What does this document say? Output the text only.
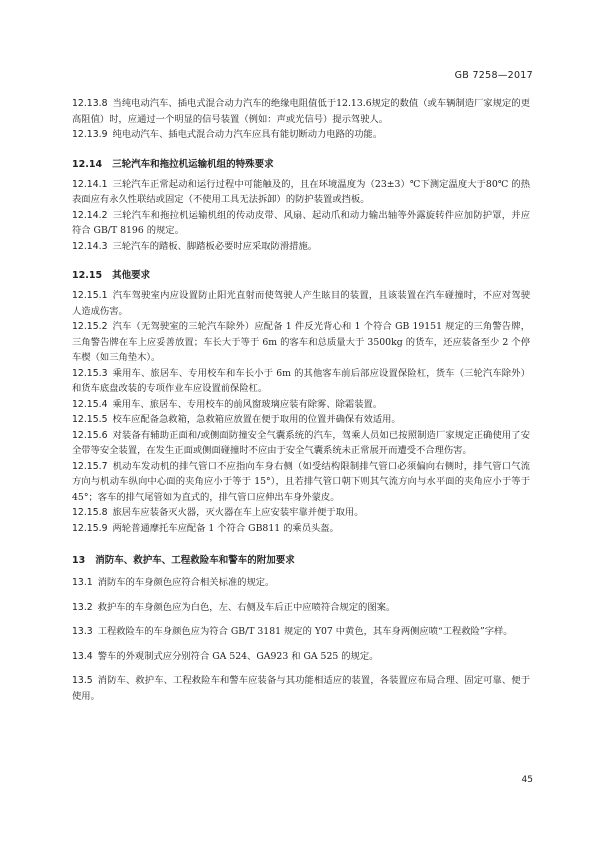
GB 7258—2017

12.13.8 当纯电动汽车、插电式混合动力汽车的绝缘电阻值低于12.13.6规定的数值（或车辆制造厂家规定的更高阻值）时，应通过一个明显的信号装置（例如：声或光信号）提示驾驶人。

12.13.9 纯电动汽车、插电式混合动力汽车应具有能切断动力电路的功能。

12.14 三轮汽车和拖拉机运输机组的特殊要求

12.14.1 三轮汽车正常起动和运行过程中可能触及的，且在环境温度为（23±3）℃下测定温度大于80℃ 的热表面应有永久性联结或固定（不使用工具无法拆卸）的防护装置或挡板。

12.14.2 三轮汽车和拖拉机运输机组的传动皮带、风扇、起动爪和动力输出轴等外露旋转件应加防护罩，并应符合 GB/T 8196 的规定。

12.14.3 三轮汽车的踏板、脚踏板必要时应采取防滑措施。

12.15 其他要求

12.15.1 汽车驾驶室内应设置防止阳光直射而使驾驶人产生眩目的装置，且该装置在汽车碰撞时，不应对驾驶人造成伤害。

12.15.2 汽车（无驾驶室的三轮汽车除外）应配备 1 件反光背心和 1 个符合 GB 19151 规定的三角警告牌，三角警告牌在车上应妥善放置；车长大于等于 6m 的客车和总质量大于 3500kg 的货车，还应装备至少 2 个停车楔（如三角垫木）。

12.15.3 乘用车、旅居车、专用校车和车长小于 6m 的其他客车前后部应设置保险杠，货车（三轮汽车除外）和货车底盘改装的专项作业车应设置前保险杠。

12.15.4 乘用车、旅居车、专用校车的前风窗玻璃应装有除雾、除霜装置。

12.15.5 校车应配备急救箱，急救箱应放置在便于取用的位置并确保有效适用。

12.15.6 对装备有辅助正面和/或侧面防撞安全气囊系统的汽车，驾乘人员如已按照制造厂家规定正确使用了安全带等安全装置，在发生正面或侧面碰撞时不应由于安全气囊系统未正常展开而遭受不合理伤害。

12.15.7 机动车发动机的排气管口不应指向车身右侧（如受结构限制排气管口必须偏向右侧时，排气管口气流方向与机动车纵向中心面的夹角应小于等于 15°），且若排气管口朝下则其气流方向与水平面的夹角应小于等于 45°；客车的排气尾管如为直式的，排气管口应伸出车身外蒙皮。

12.15.8 旅居车应装备灭火器，灭火器在车上应安装牢靠并便于取用。

12.15.9 两轮普通摩托车应配备 1 个符合 GB811 的乘员头盔。

13 消防车、救护车、工程救险车和警车的附加要求

13.1 消防车的车身颜色应符合相关标准的规定。

13.2 救护车的车身颜色应为白色，左、右侧及车后正中应喷符合规定的图案。

13.3 工程救险车的车身颜色应为符合 GB/T 3181 规定的 Y07 中黄色，其车身两侧应喷“工程救险”字样。

13.4 警车的外观制式应分别符合 GA 524、GA923 和 GA 525 的规定。

13.5 消防车、救护车、工程救险车和警车应装备与其功能相适应的装置，各装置应布局合理、固定可靠、便于使用。

45
